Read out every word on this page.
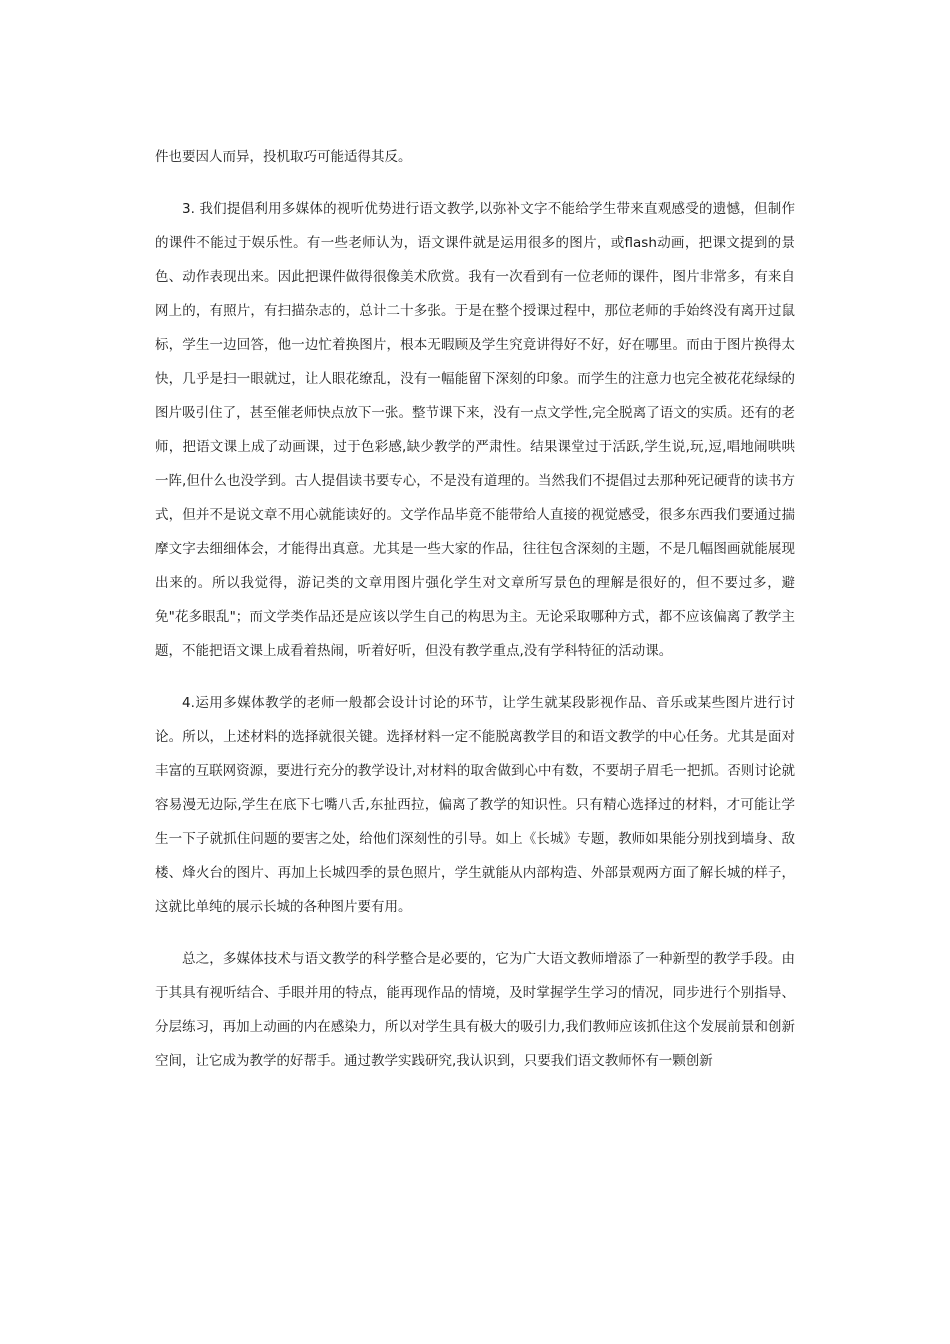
件也要因人而异，投机取巧可能适得其反。

3. 我们提倡利用多媒体的视听优势进行语文教学,以弥补文字不能给学生带来直观感受的遗憾，但制作的课件不能过于娱乐性。有一些老师认为，语文课件就是运用很多的图片，或flash动画，把课文提到的景色、动作表现出来。因此把课件做得很像美术欣赏。我有一次看到有一位老师的课件，图片非常多，有来自网上的，有照片，有扫描杂志的，总计二十多张。于是在整个授课过程中，那位老师的手始终没有离开过鼠标，学生一边回答，他一边忙着换图片，根本无暇顾及学生究竟讲得好不好，好在哪里。而由于图片换得太快，几乎是扫一眼就过，让人眼花缭乱，没有一幅能留下深刻的印象。而学生的注意力也完全被花花绿绿的图片吸引住了，甚至催老师快点放下一张。整节课下来，没有一点文学性,完全脱离了语文的实质。还有的老师，把语文课上成了动画课，过于色彩感,缺少教学的严肃性。结果课堂过于活跃,学生说,玩,逗,唱地闹哄哄一阵,但什么也没学到。古人提倡读书要专心，不是没有道理的。当然我们不提倡过去那种死记硬背的读书方式，但并不是说文章不用心就能读好的。文学作品毕竟不能带给人直接的视觉感受，很多东西我们要通过揣摩文字去细细体会，才能得出真意。尤其是一些大家的作品，往往包含深刻的主题，不是几幅图画就能展现出来的。所以我觉得，游记类的文章用图片强化学生对文章所写景色的理解是很好的，但不要过多，避免"花多眼乱"；而文学类作品还是应该以学生自己的构思为主。无论采取哪种方式，都不应该偏离了教学主题，不能把语文课上成看着热闹，听着好听，但没有教学重点,没有学科特征的活动课。

4.运用多媒体教学的老师一般都会设计讨论的环节，让学生就某段影视作品、音乐或某些图片进行讨论。所以，上述材料的选择就很关键。选择材料一定不能脱离教学目的和语文教学的中心任务。尤其是面对丰富的互联网资源，要进行充分的教学设计,对材料的取舍做到心中有数，不要胡子眉毛一把抓。否则讨论就容易漫无边际,学生在底下七嘴八舌,东扯西拉，偏离了教学的知识性。只有精心选择过的材料，才可能让学生一下子就抓住问题的要害之处，给他们深刻性的引导。如上《长城》专题，教师如果能分别找到墙身、敌楼、烽火台的图片、再加上长城四季的景色照片，学生就能从内部构造、外部景观两方面了解长城的样子，这就比单纯的展示长城的各种图片要有用。

总之，多媒体技术与语文教学的科学整合是必要的，它为广大语文教师增添了一种新型的教学手段。由于其具有视听结合、手眼并用的特点，能再现作品的情境，及时掌握学生学习的情况，同步进行个别指导、分层练习，再加上动画的内在感染力，所以对学生具有极大的吸引力,我们教师应该抓住这个发展前景和创新空间，让它成为教学的好帮手。通过教学实践研究,我认识到，只要我们语文教师怀有一颗创新
